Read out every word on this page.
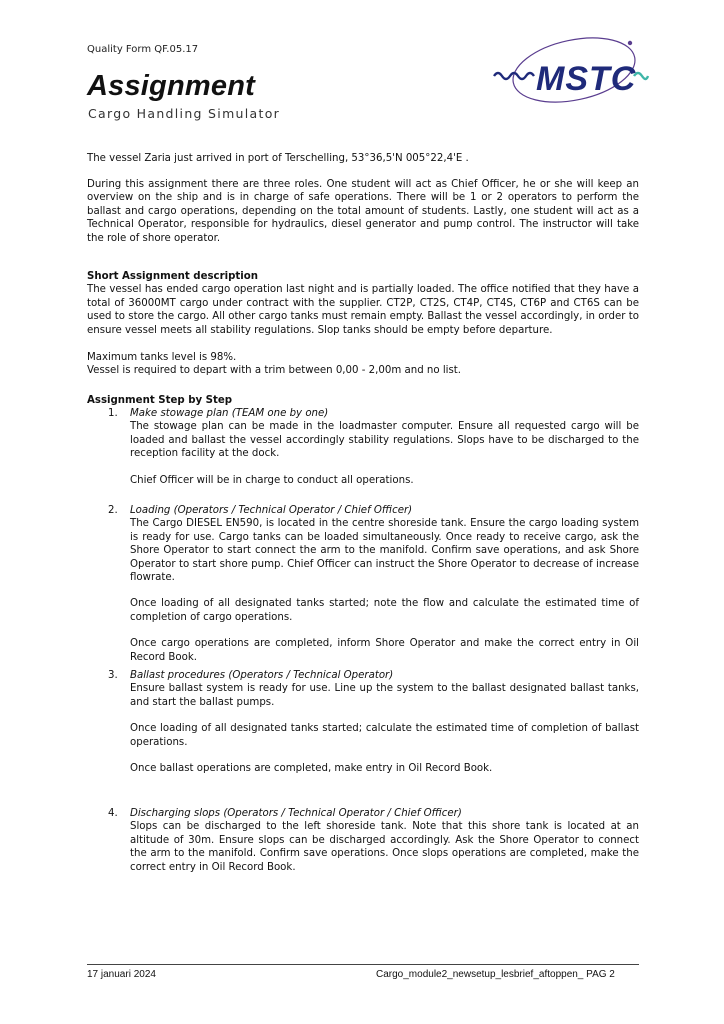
Quality Form QF.05.17
Assignment
Cargo Handling Simulator
MSTC

The vessel Zaria just arrived in port of Terschelling, 53°36,5'N 005°22,4'E .

During this assignment there are three roles. One student will act as Chief Officer, he or she will keep an overview on the ship and is in charge of safe operations. There will be 1 or 2 operators to perform the ballast and cargo operations, depending on the total amount of students. Lastly, one student will act as a Technical Operator, responsible for hydraulics, diesel generator and pump control. The instructor will take the role of shore operator.

Short Assignment description

The vessel has ended cargo operation last night and is partially loaded. The office notified that they have a total of 36000MT cargo under contract with the supplier. CT2P, CT2S, CT4P, CT4S, CT6P and CT6S can be used to store the cargo. All other cargo tanks must remain empty. Ballast the vessel accordingly, in order to ensure vessel meets all stability regulations. Slop tanks should be empty before departure.

Maximum tanks level is 98%.

Vessel is required to depart with a trim between 0,00 - 2,00m and no list.

Assignment Step by Step

1. Make stowage plan (TEAM one by one)

The stowage plan can be made in the loadmaster computer. Ensure all requested cargo will be loaded and ballast the vessel accordingly stability regulations. Slops have to be discharged to the reception facility at the dock.

Chief Officer will be in charge to conduct all operations.

2. Loading (Operators / Technical Operator / Chief Officer)

The Cargo DIESEL EN590, is located in the centre shoreside tank. Ensure the cargo loading system is ready for use. Cargo tanks can be loaded simultaneously. Once ready to receive cargo, ask the Shore Operator to start connect the arm to the manifold. Confirm save operations, and ask Shore Operator to start shore pump. Chief Officer can instruct the Shore Operator to decrease of increase flowrate.

Once loading of all designated tanks started; note the flow and calculate the estimated time of completion of cargo operations.

Once cargo operations are completed, inform Shore Operator and make the correct entry in Oil Record Book.

3. Ballast procedures (Operators / Technical Operator)

Ensure ballast system is ready for use. Line up the system to the ballast designated ballast tanks, and start the ballast pumps.

Once loading of all designated tanks started; calculate the estimated time of completion of ballast operations.

Once ballast operations are completed, make entry in Oil Record Book.

4. Discharging slops (Operators / Technical Operator / Chief Officer)

Slops can be discharged to the left shoreside tank. Note that this shore tank is located at an altitude of 30m. Ensure slops can be discharged accordingly. Ask the Shore Operator to connect the arm to the manifold. Confirm save operations. Once slops operations are completed, make the correct entry in Oil Record Book.

17 januari 2024	Cargo_module2_newsetup_lesbrief_aftoppen_ PAG 2
